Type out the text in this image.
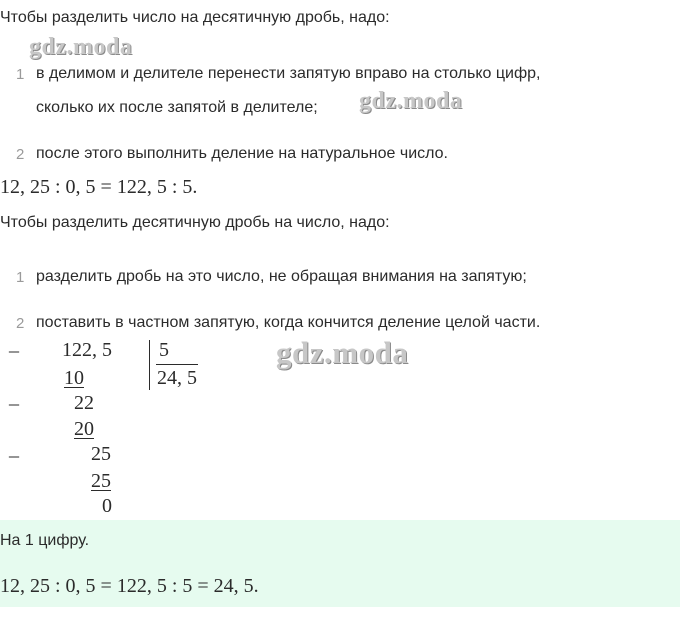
Чтобы разделить число на десятичную дробь, надо:
gdz.moda
1 в делимом и делителе перенести запятую вправо на столько цифр,
сколько их после запятой в делителе; gdz.moda
2 после этого выполнить деление на натуральное число.
12, 25 : 0, 5 = 122, 5 : 5.
Чтобы разделить десятичную дробь на число, надо:
1 разделить дробь на это число, не обращая внимания на запятую;
2 поставить в частном запятую, когда кончится деление целой части.
_ 122, 5 5
24, 5
10
_	22
20
_	25
25
0
gdz.moda
На 1 цифру.
12, 25 : 0, 5 = 122, 5 : 5 = 24, 5.
